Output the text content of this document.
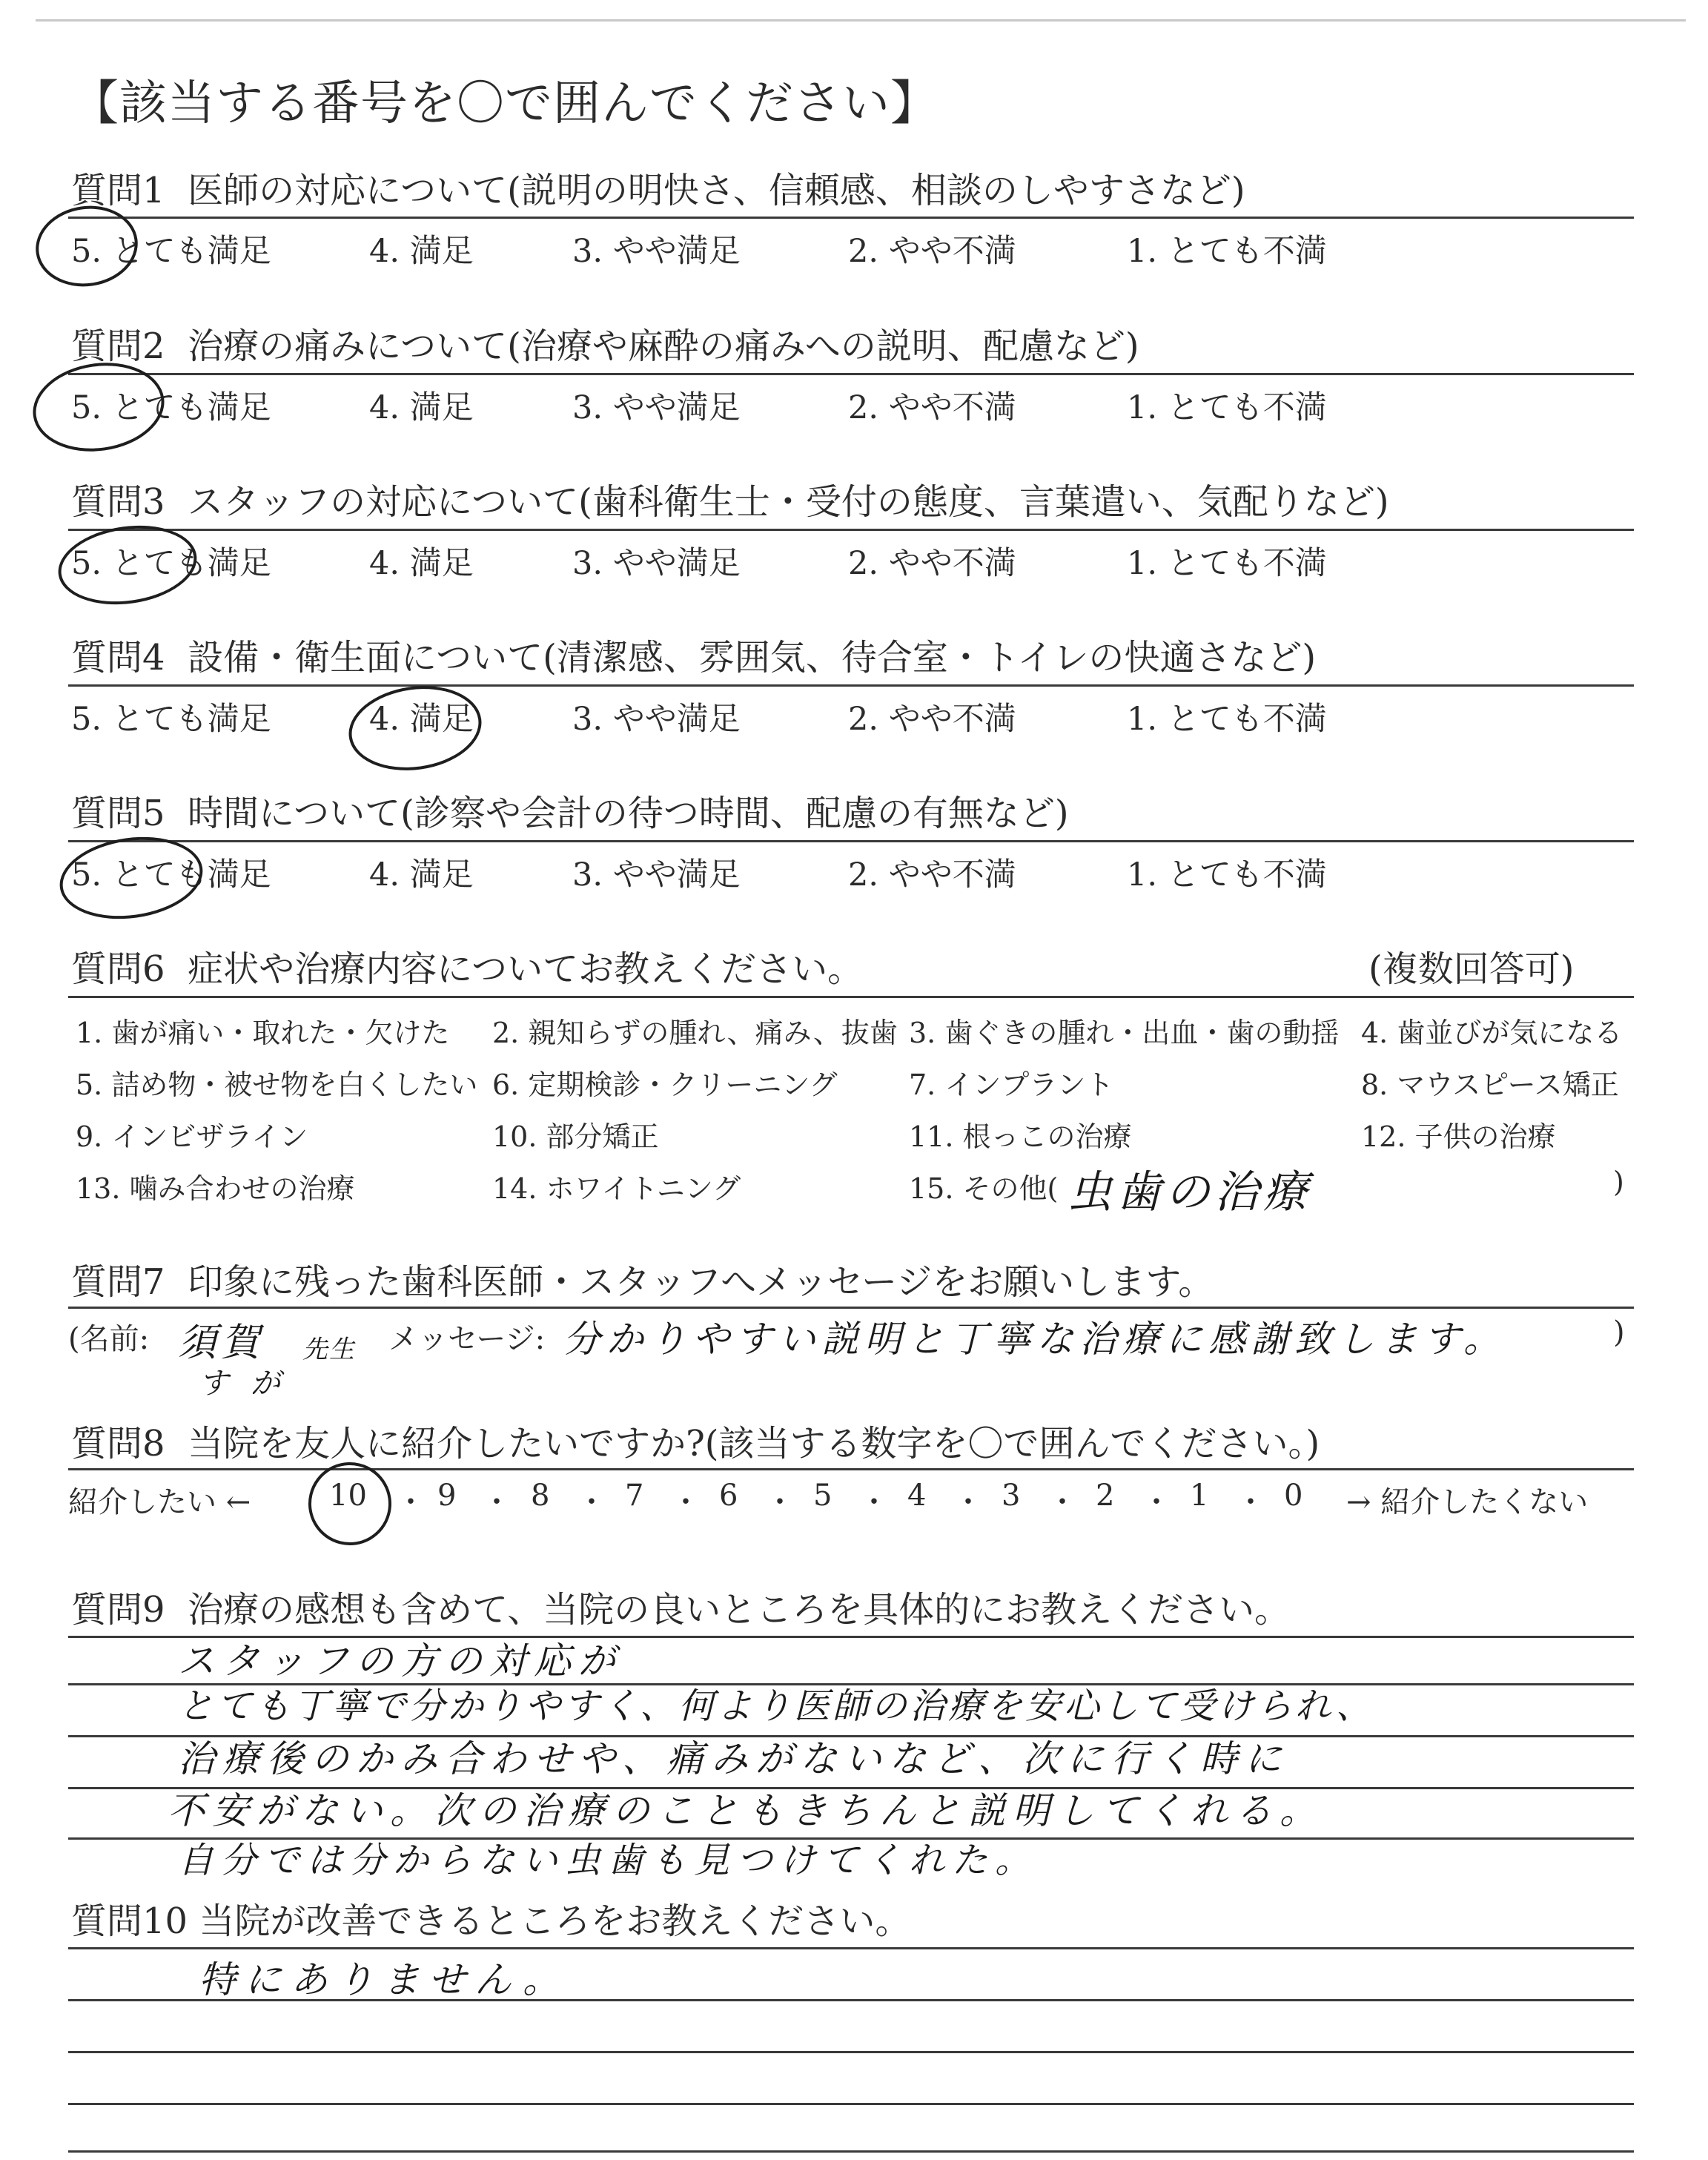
【該当する番号を〇で囲んでください】
質問1 医師の対応について(説明の明快さ、信頼感、相談のしやすさなど)
5. とても満足	4. 満足	3. やや満足	2. やや不満	1. とても不満
質問2 治療の痛みについて(治療や麻酔の痛みへの説明、配慮など)
5. とても満足	4. 満足	3. やや満足	2. やや不満	1. とても不満
質問3 スタッフの対応について(歯科衛生士・受付の態度、言葉遣い、気配りなど)
5. とても満足	4. 満足	3. やや満足	2. やや不満	1. とても不満
質問4 設備・衛生面について(清潔感、雰囲気、待合室・トイレの快適さなど)
5. とても満足	4. 満足	3. やや満足	2. やや不満	1. とても不満
質問5 時間について(診察や会計の待つ時間、配慮の有無など)
5. とても満足	4. 満足	3. やや満足	2. やや不満	1. とても不満
質問6 症状や治療内容についてお教えください。	(複数回答可)
1. 歯が痛い・取れた・欠けた 2. 親知らずの腫れ、痛み、抜歯 3. 歯ぐきの腫れ・出血・歯の動揺 4. 歯並びが気になる
5. 詰め物・被せ物を白くしたい 6. 定期検診・クリーニング	7. インプラント	8. マウスピース矯正
9. インビザライン	10. 部分矯正	11. 根っこの治療	12. 子供の治療
13. 噛み合わせの治療	14. ホワイトニング	15. その他(	)
虫歯の治療
質問7 印象に残った歯科医師・スタッフへメッセージをお願いします。
(名前: 須賀 先生
すが
メッセージ: 分かりやすい説明と丁寧な治療に感謝致します。	)
質問8 当院を友人に紹介したいですか?(該当する数字を〇で囲んでください。)
紹介したい ←	→ 紹介したくない
10 ・ 9 ・ 8 ・ 7 ・ 6 ・ 5 ・ 4 ・ 3 ・ 2 ・ 1 ・ 0
質問9 治療の感想も含めて、当院の良いところを具体的にお教えください。
スタッフの方の対応が
とても丁寧で分かりやすく、何より医師の治療を安心して受けられ、
治療後のかみ合わせや、痛みがないなど、次に行く時に
不安がない。次の治療のこともきちんと説明してくれる。
自分では分からない虫歯も見つけてくれた。
質問10 当院が改善できるところをお教えください。
特にありません。
